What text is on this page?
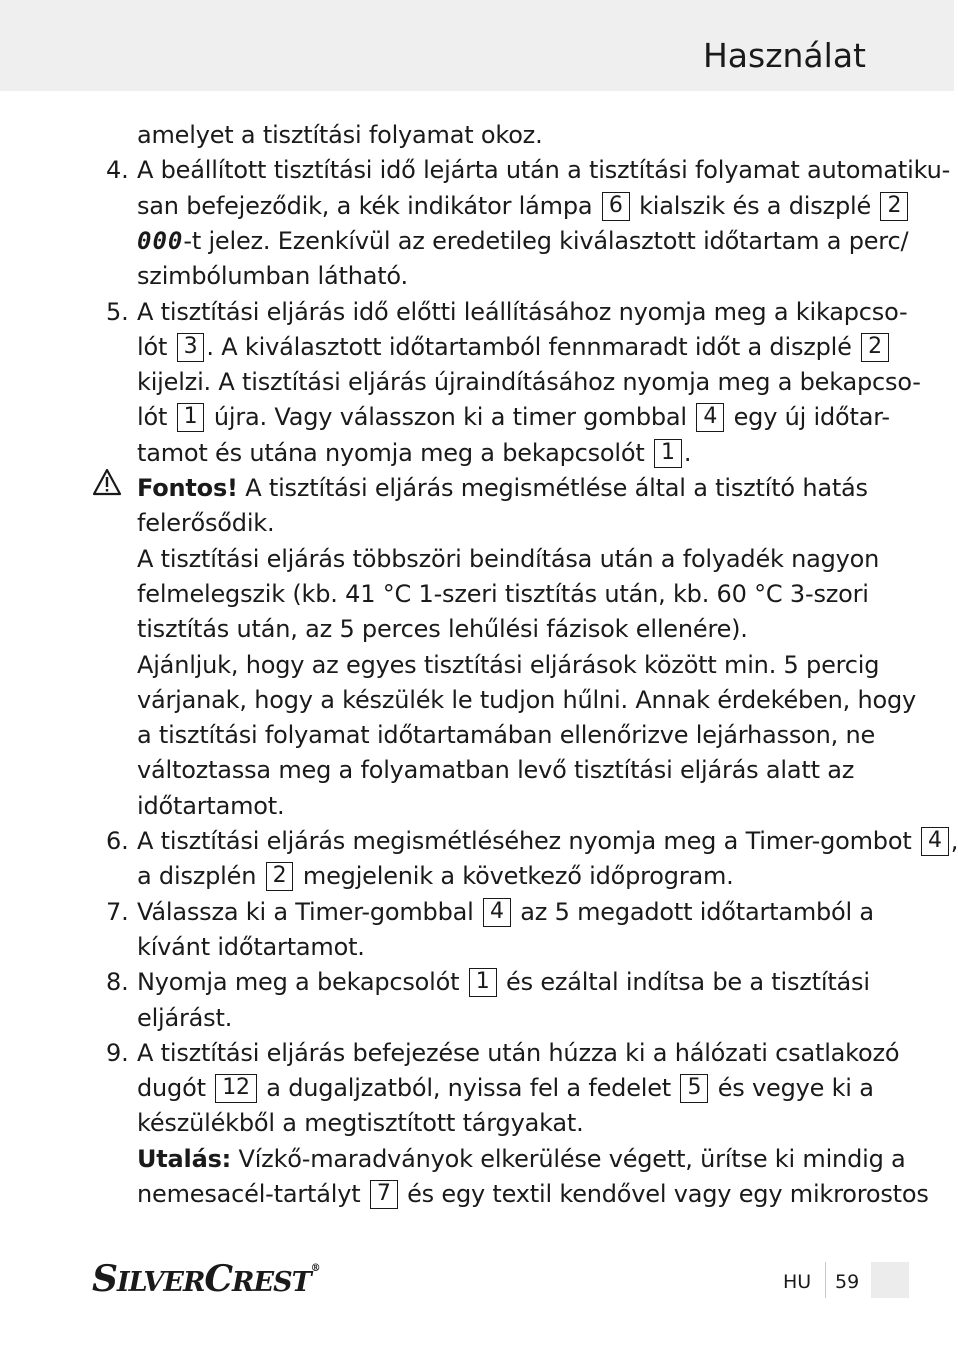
Használat
amelyet a tisztítási folyamat okoz.
4. A beállított tisztítási idő lejárta után a tisztítási folyamat automatiku-
san befejeződik, a kék indikátor lámpa 6 kialszik és a diszplé 2
000-t jelez. Ezenkívül az eredetileg kiválasztott időtartam a perc/
szimbólumban látható.
5. A tisztítási eljárás idő előtti leállításához nyomja meg a kikapcso-
lót 3 . A kiválasztott időtartamból fennmaradt időt a diszplé 2
kijelzi. A tisztítási eljárás újraindításához nyomja meg a bekapcso-
lót 1 újra. Vagy válasszon ki a timer gombbal 4 egy új időtar-
tamot és utána nyomja meg a bekapcsolót 1 .
Fontos! A tisztítási eljárás megismétlése által a tisztító hatás
felerősődik.
A tisztítási eljárás többszöri beindítása után a folyadék nagyon
felmelegszik (kb. 41 °C 1-szeri tisztítás után, kb. 60 °C 3-szori
tisztítás után, az 5 perces lehűlési fázisok ellenére).
Ajánljuk, hogy az egyes tisztítási eljárások között min. 5 percig
várjanak, hogy a készülék le tudjon hűlni. Annak érdekében, hogy
a tisztítási folyamat időtartamában ellenőrizve lejárhasson, ne
változtassa meg a folyamatban levő tisztítási eljárás alatt az
időtartamot.
6. A tisztítási eljárás megismétléséhez nyomja meg a Timer-gombot 4 ,
a diszplén 2 megjelenik a következő időprogram.
7. Válassza ki a Timer-gombbal 4 az 5 megadott időtartamból a
kívánt időtartamot.
8. Nyomja meg a bekapcsolót 1 és ezáltal indítsa be a tisztítási
eljárást.
9. A tisztítási eljárás befejezése után húzza ki a hálózati csatlakozó
dugót 12 a dugaljzatból, nyissa fel a fedelet 5 és vegye ki a
készülékből a megtisztított tárgyakat.
Utalás: Vízkő-maradványok elkerülése végett, ürítse ki mindig a
nemesacél-tartályt 7 és egy textil kendővel vagy egy mikrorostos
SILVERCREST®
HU 59
